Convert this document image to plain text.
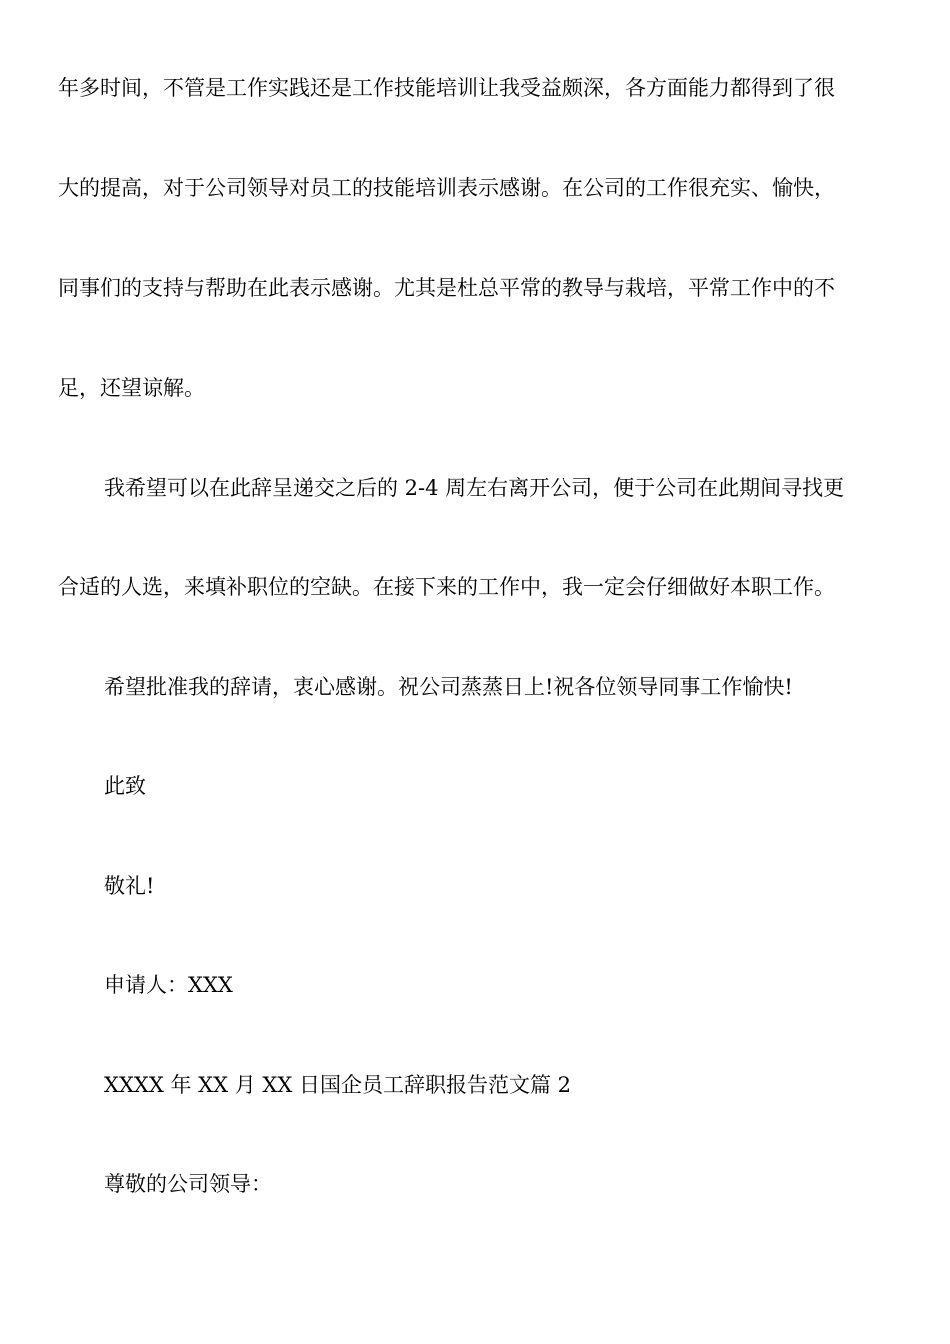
年多时间，不管是工作实践还是工作技能培训让我受益颇深，各方面能力都得到了很
大的提高，对于公司领导对员工的技能培训表示感谢。在公司的工作很充实、愉快，
同事们的支持与帮助在此表示感谢。尤其是杜总平常的教导与栽培，平常工作中的不
足，还望谅解。
我希望可以在此辞呈递交之后的 2-4 周左右离开公司，便于公司在此期间寻找更
合适的人选，来填补职位的空缺。在接下来的工作中，我一定会仔细做好本职工作。
希望批准我的辞请，衷心感谢。祝公司蒸蒸日上!祝各位领导同事工作愉快!
此致
敬礼!
申请人：XXX
XXXX 年 XX 月 XX 日国企员工辞职报告范文篇 2
尊敬的公司领导：
